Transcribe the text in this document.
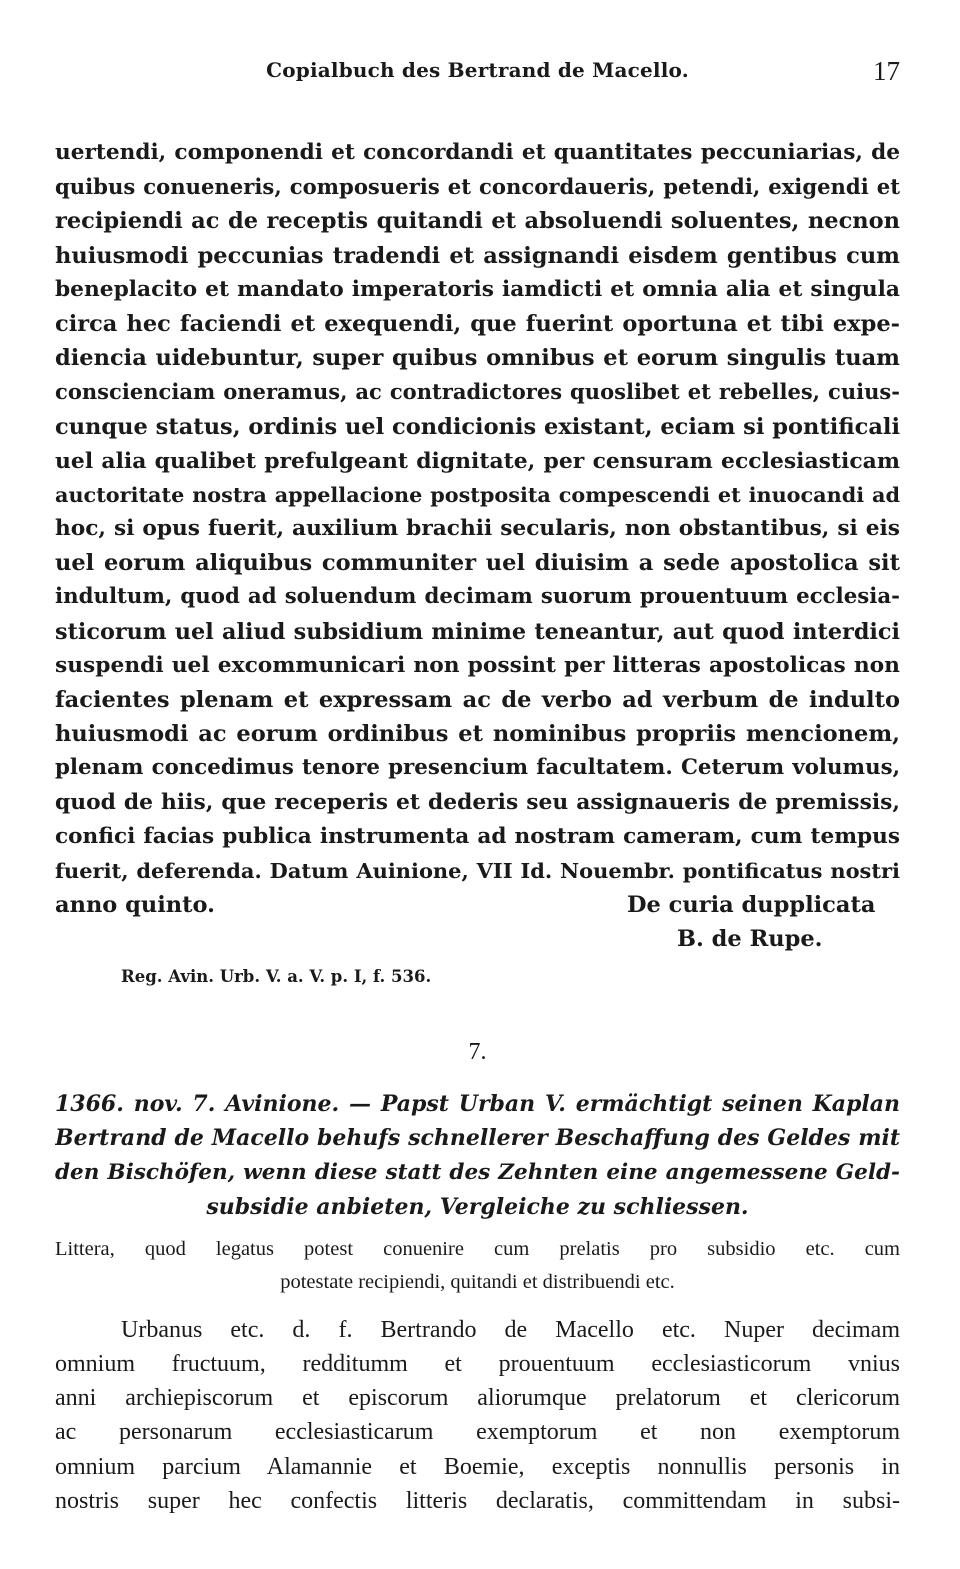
Copialbuch des Bertrand de Macello.	17
uertendi, componendi et concordandi et quantitates peccuniarias, de
quibus conueneris, composueris et concordaueris, petendi, exigendi et
recipiendi ac de receptis quitandi et absoluendi soluentes, necnon
huiusmodi peccunias tradendi et assignandi eisdem gentibus cum
beneplacito et mandato imperatoris iamdicti et omnia alia et singula
circa hec faciendi et exequendi, que fuerint oportuna et tibi expe-
diencia uidebuntur, super quibus omnibus et eorum singulis tuam
conscienciam oneramus, ac contradictores quoslibet et rebelles, cuius-
cunque status, ordinis uel condicionis existant, eciam si pontificali
uel alia qualibet prefulgeant dignitate, per censuram ecclesiasticam
auctoritate nostra appellacione postposita compescendi et inuocandi ad
hoc, si opus fuerit, auxilium brachii secularis, non obstantibus, si eis
uel eorum aliquibus communiter uel diuisim a sede apostolica sit
indultum, quod ad soluendum decimam suorum prouentuum ecclesia-
sticorum uel aliud subsidium minime teneantur, aut quod interdici
suspendi uel excommunicari non possint per litteras apostolicas non
facientes plenam et expressam ac de verbo ad verbum de indulto
huiusmodi ac eorum ordinibus et nominibus propriis mencionem,
plenam concedimus tenore presencium facultatem. Ceterum volumus,
quod de hiis, que receperis et dederis seu assignaueris de premissis,
confici facias publica instrumenta ad nostram cameram, cum tempus
fuerit, deferenda. Datum Auinione, VII Id. Nouembr. pontificatus nostri
anno quinto.	De curia dupplicata
B. de Rupe.
Reg. Avin. Urb. V. a. V. p. I, f. 536.
7.
1366. nov. 7. Avinione. — Papst Urban V. ermächtigt seinen Kaplan
Bertrand de Macello behufs schnellerer Beschaffung des Geldes mit
den Bischöfen, wenn diese statt des Zehnten eine angemessene Geld-
subsidie anbieten, Vergleiche zu schliessen.
Littera, quod legatus potest conuenire cum prelatis pro subsidio etc. cum
potestate recipiendi, quitandi et distribuendi etc.
Urbanus etc. d. f. Bertrando de Macello etc. Nuper decimam
omnium fructuum, redditumm et prouentuum ecclesiasticorum vnius
anni archiepiscorum et episcorum aliorumque prelatorum et clericorum
ac personarum ecclesiasticarum exemptorum et non exemptorum
omnium parcium Alamannie et Boemie, exceptis nonnullis personis in
nostris super hec confectis litteris declaratis, committendam in subsi-
